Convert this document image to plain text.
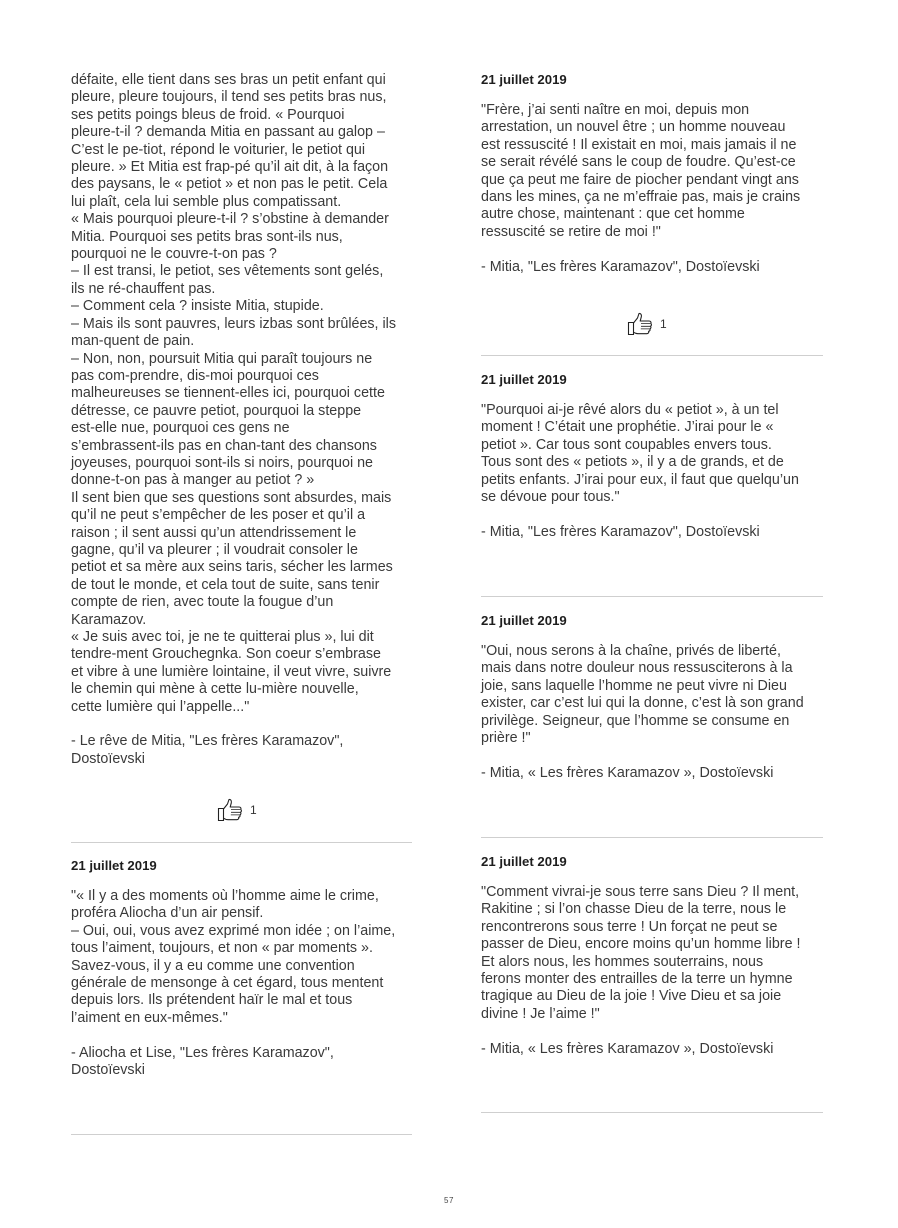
défaite, elle tient dans ses bras un petit enfant qui
pleure, pleure toujours, il tend ses petits bras nus,
ses petits poings bleus de froid. « Pourquoi
pleure-t-il ? demanda Mitia en passant au galop –
C’est le pe-tiot, répond le voiturier, le petiot qui
pleure. » Et Mitia est frap-pé qu’il ait dit, à la façon
des paysans, le « petiot » et non pas le petit. Cela
lui plaît, cela lui semble plus compatissant.
« Mais pourquoi pleure-t-il ? s’obstine à demander
Mitia. Pourquoi ses petits bras sont-ils nus,
pourquoi ne le couvre-t-on pas ?
– Il est transi, le petiot, ses vêtements sont gelés,
ils ne ré-chauffent pas.
– Comment cela ? insiste Mitia, stupide.
– Mais ils sont pauvres, leurs izbas sont brûlées, ils
man-quent de pain.
– Non, non, poursuit Mitia qui paraît toujours ne
pas com-prendre, dis-moi pourquoi ces
malheureuses se tiennent-elles ici, pourquoi cette
détresse, ce pauvre petiot, pourquoi la steppe
est-elle nue, pourquoi ces gens ne
s’embrassent-ils pas en chan-tant des chansons
joyeuses, pourquoi sont-ils si noirs, pourquoi ne
donne-t-on pas à manger au petiot ? »
Il sent bien que ses questions sont absurdes, mais
qu’il ne peut s’empêcher de les poser et qu’il a
raison ; il sent aussi qu’un attendrissement le
gagne, qu’il va pleurer ; il voudrait consoler le
petiot et sa mère aux seins taris, sécher les larmes
de tout le monde, et cela tout de suite, sans tenir
compte de rien, avec toute la fougue d’un
Karamazov.
« Je suis avec toi, je ne te quitterai plus », lui dit
tendre-ment Grouchegnka. Son coeur s’embrase
et vibre à une lumière lointaine, il veut vivre, suivre
le chemin qui mène à cette lu-mière nouvelle,
cette lumière qui l’appelle..."

- Le rêve de Mitia, "Les frères Karamazov",
Dostoïevski

1
21 juillet 2019

"« Il y a des moments où l’homme aime le crime,
proféra Aliocha d’un air pensif.
– Oui, oui, vous avez exprimé mon idée ; on l’aime,
tous l’aiment, toujours, et non « par moments ».
Savez-vous, il y a eu comme une convention
générale de mensonge à cet égard, tous mentent
depuis lors. Ils prétendent haïr le mal et tous
l’aiment en eux-mêmes."

- Aliocha et Lise, "Les frères Karamazov",
Dostoïevski

21 juillet 2019

"Frère, j’ai senti naître en moi, depuis mon
arrestation, un nouvel être ; un homme nouveau
est ressuscité ! Il existait en moi, mais jamais il ne
se serait révélé sans le coup de foudre. Qu’est-ce
que ça peut me faire de piocher pendant vingt ans
dans les mines, ça ne m’effraie pas, mais je crains
autre chose, maintenant : que cet homme
ressuscité se retire de moi !"

- Mitia, "Les frères Karamazov", Dostoïevski

1
21 juillet 2019

"Pourquoi ai-je rêvé alors du « petiot », à un tel
moment ! C’était une prophétie. J’irai pour le «
petiot ». Car tous sont coupables envers tous.
Tous sont des « petiots », il y a de grands, et de
petits enfants. J’irai pour eux, il faut que quelqu’un
se dévoue pour tous."

- Mitia, "Les frères Karamazov", Dostoïevski

21 juillet 2019

"Oui, nous serons à la chaîne, privés de liberté,
mais dans notre douleur nous ressusciterons à la
joie, sans laquelle l’homme ne peut vivre ni Dieu
exister, car c’est lui qui la donne, c’est là son grand
privilège. Seigneur, que l’homme se consume en
prière !"

- Mitia, « Les frères Karamazov », Dostoïevski

21 juillet 2019

"Comment vivrai-je sous terre sans Dieu ? Il ment,
Rakitine ; si l’on chasse Dieu de la terre, nous le
rencontrerons sous terre ! Un forçat ne peut se
passer de Dieu, encore moins qu’un homme libre !
Et alors nous, les hommes souterrains, nous
ferons monter des entrailles de la terre un hymne
tragique au Dieu de la joie ! Vive Dieu et sa joie
divine ! Je l’aime !"

- Mitia, « Les frères Karamazov », Dostoïevski

57
